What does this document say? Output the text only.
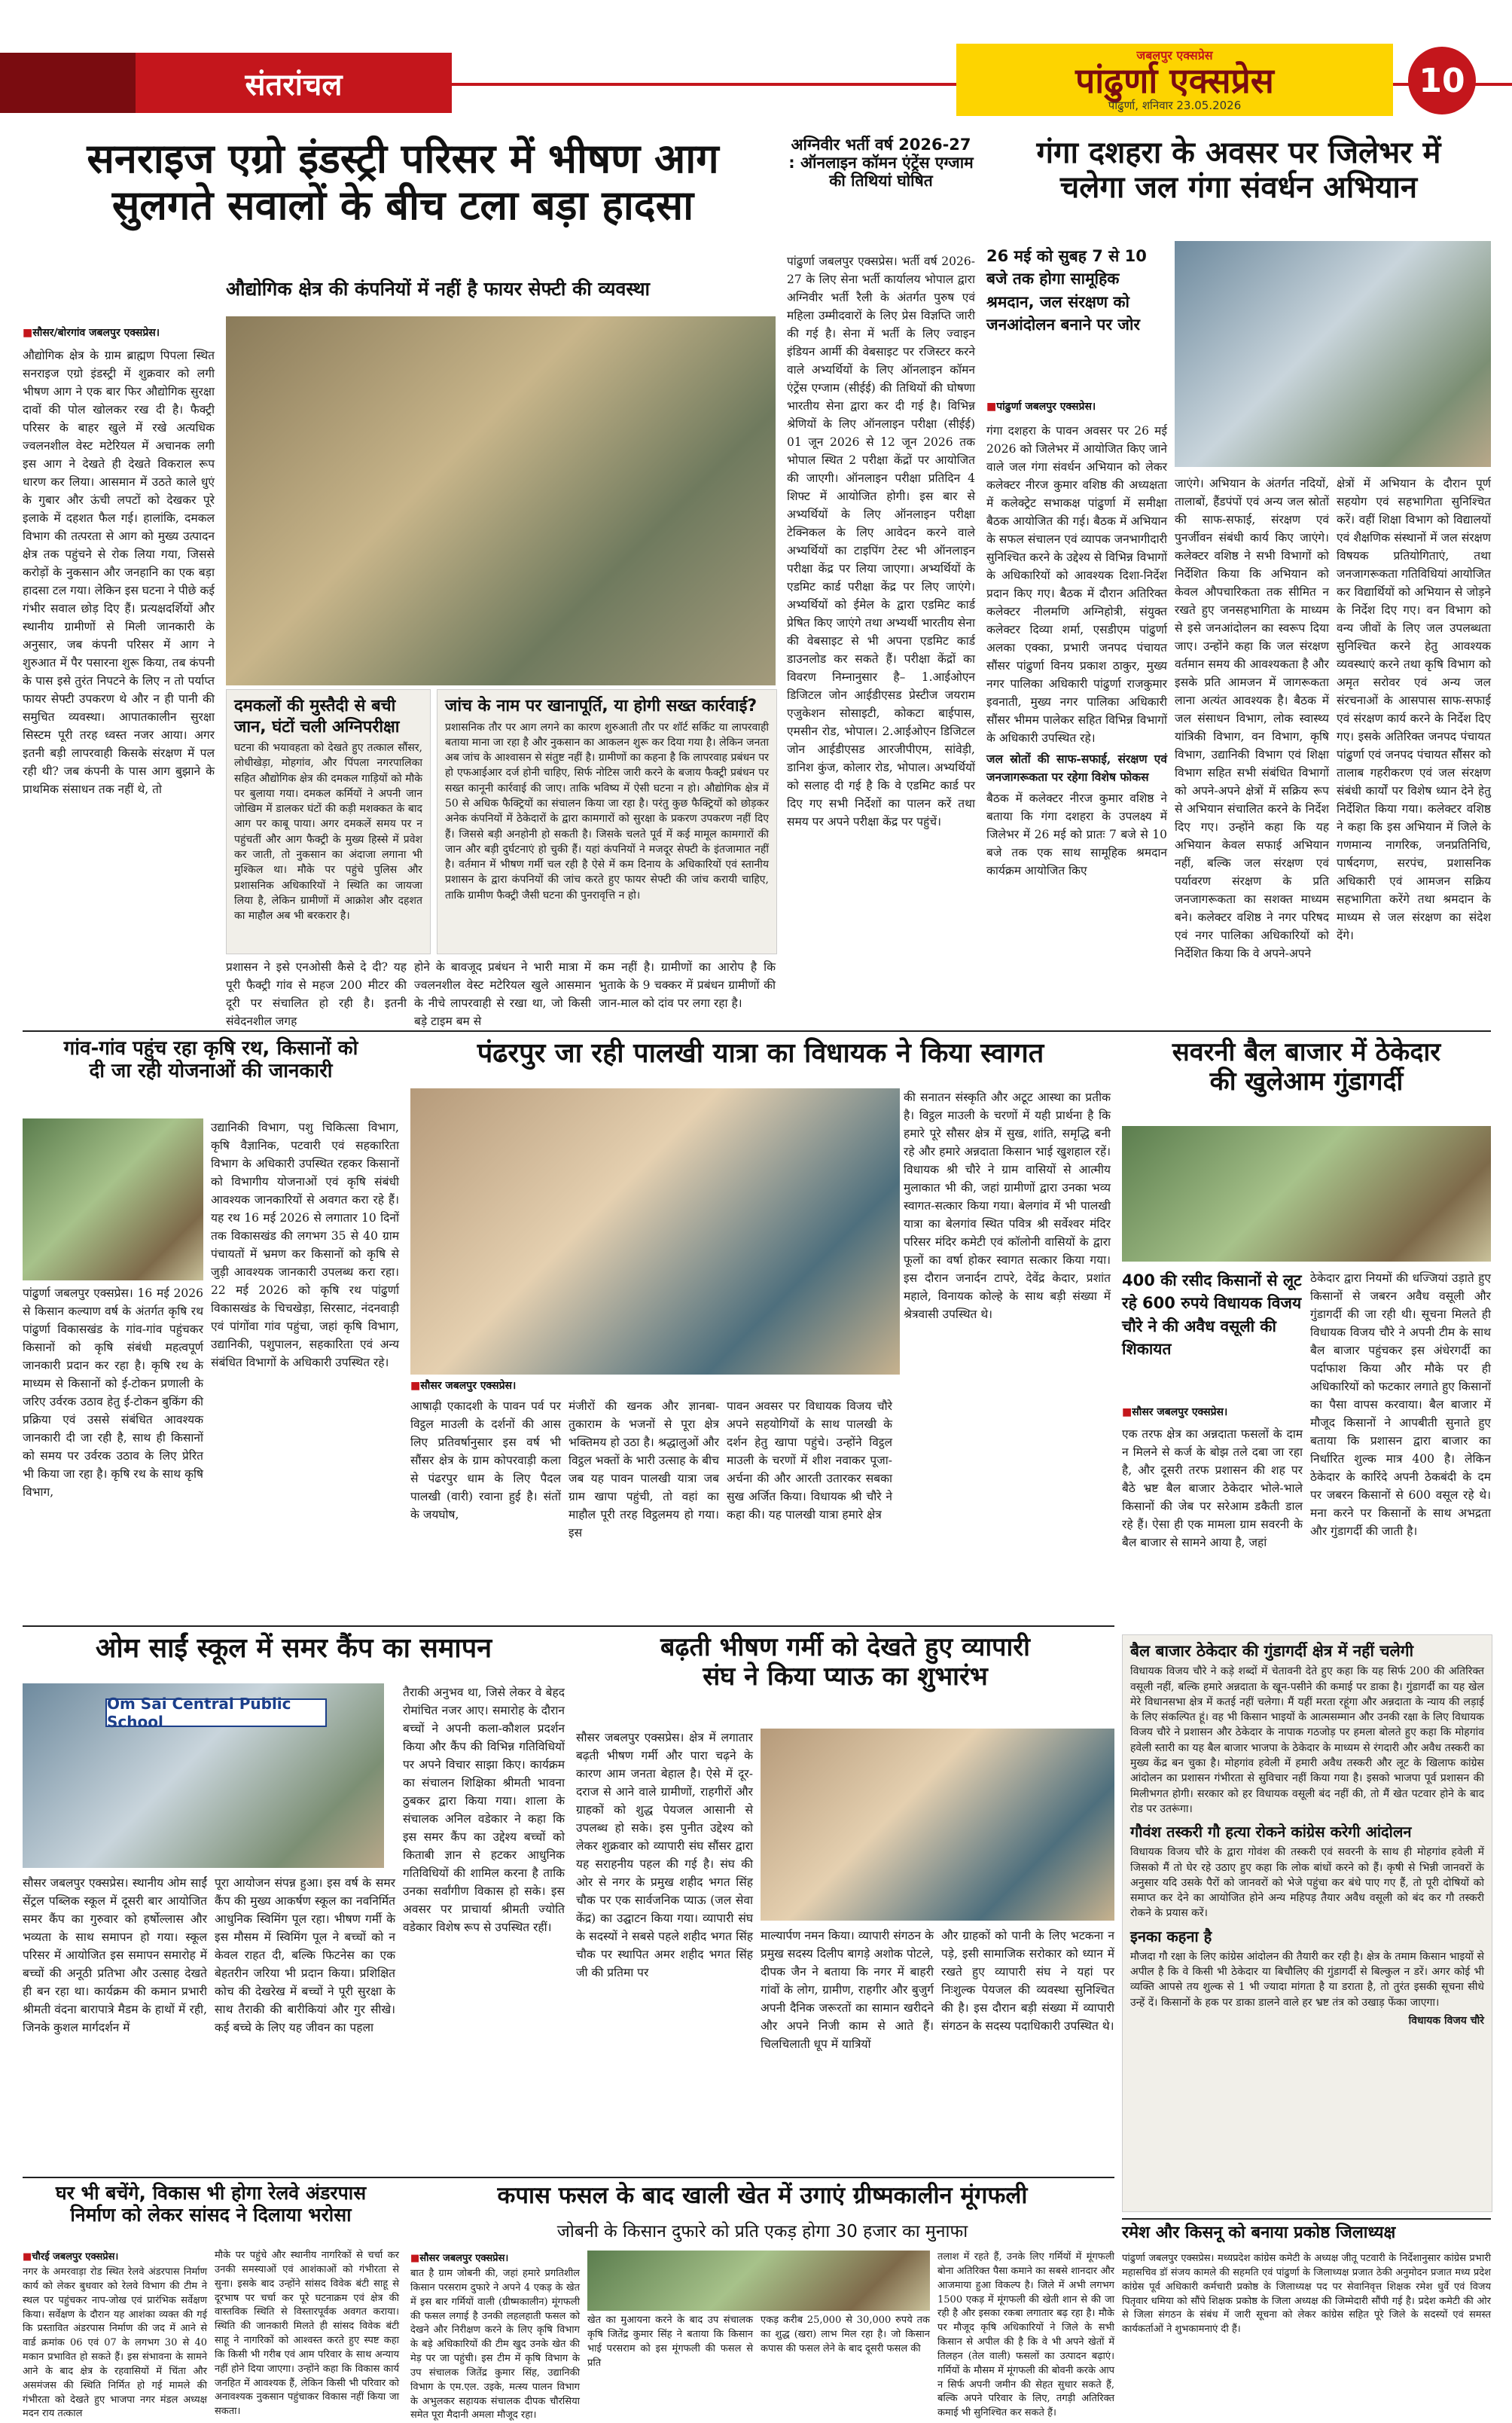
संतरांचल
जबलपुर एक्सप्रेस
पांढुर्णा एक्सप्रेस
पांढुर्णा, शनिवार 23.05.2026
10
सनराइज एग्रो इंडस्ट्री परिसर में भीषण आग
सुलगते सवालों के बीच टला बड़ा हादसा
औद्योगिक क्षेत्र की कंपनियों में नहीं है फायर सेफ्टी की व्यवस्था
■ सौसर/बोरगांव जबलपुर एक्सप्रेस।
औद्योगिक क्षेत्र के ग्राम ब्राह्मण पिपला स्थित सनराइज एग्रो इंडस्ट्री में शुक्रवार को लगी भीषण आग ने एक बार फिर औद्योगिक सुरक्षा दावों की पोल खोलकर रख दी है। फैक्ट्री परिसर के बाहर खुले में रखे अत्यधिक ज्वलनशील वेस्ट मटेरियल में अचानक लगी इस आग ने देखते ही देखते विकराल रूप धारण कर लिया। आसमान में उठते काले धुएं के गुबार और ऊंची लपटों को देखकर पूरे इलाके में दहशत फैल गई। हालांकि, दमकल विभाग की तत्परता से आग को मुख्य उत्पादन क्षेत्र तक पहुंचने से रोक लिया गया, जिससे करोड़ों के नुकसान और जनहानि का एक बड़ा हादसा टल गया। लेकिन इस घटना ने पीछे कई गंभीर सवाल छोड़ दिए हैं। प्रत्यक्षदर्शियों और स्थानीय ग्रामीणों से मिली जानकारी के अनुसार, जब कंपनी परिसर में आग ने शुरुआत में पैर पसारना शुरू किया, तब कंपनी के पास इसे तुरंत निपटने के लिए न तो पर्याप्त फायर सेफ्टी उपकरण थे और न ही पानी की समुचित व्यवस्था। आपातकालीन सुरक्षा सिस्टम पूरी तरह ध्वस्त नजर आया। अगर इतनी बड़ी लापरवाही किसके संरक्षण में पल रही थी? जब कंपनी के पास आग बुझाने के प्राथमिक संसाधन तक नहीं थे, तो
दमकलों की मुस्तैदी से बची जान, घंटों चली अग्निपरीक्षा
घटना की भयावहता को देखते हुए तत्काल सौंसर, लोधीखेड़ा, मोहगांव, और पिंपला नगरपालिका सहित औद्योगिक क्षेत्र की दमकल गाड़ियों को मौके पर बुलाया गया। दमकल कर्मियों ने अपनी जान जोखिम में डालकर घंटों की कड़ी मशक्कत के बाद आग पर काबू पाया। अगर दमकलें समय पर न पहुंचतीं और आग फैक्ट्री के मुख्य हिस्से में प्रवेश कर जाती, तो नुकसान का अंदाजा लगाना भी मुश्किल था। मौके पर पहुंचे पुलिस और प्रशासनिक अधिकारियों ने स्थिति का जायजा लिया है, लेकिन ग्रामीणों में आक्रोश और दहशत का माहौल अब भी बरकरार है।
जांच के नाम पर खानापूर्ति, या होगी सख्त कार्रवाई?
प्रशासनिक तौर पर आग लगने का कारण शुरुआती तौर पर शॉर्ट सर्किट या लापरवाही बताया माना जा रहा है और नुकसान का आकलन शुरू कर दिया गया है। लेकिन जनता अब जांच के आश्वासन से संतुष्ट नहीं है। ग्रामीणों का कहना है कि लापरवाह प्रबंधन पर हो एफआईआर दर्ज होनी चाहिए, सिर्फ नोटिस जारी करने के बजाय फैक्ट्री प्रबंधन पर सख्त कानूनी कार्रवाई की जाए। ताकि भविष्य में ऐसी घटना न हो। औद्योगिक क्षेत्र में 50 से अधिक फैक्ट्रियों का संचालन किया जा रहा है। परंतु कुछ फैक्ट्रियों को छोड़कर अनेक कंपनियों में ठेकेदारों के द्वारा कामगारों को सुरक्षा के प्रकरण उपकरण नहीं दिए हैं। जिससे बड़ी अनहोनी हो सकती है। जिसके चलते पूर्व में कई मामूल कामगारों की जान और बड़ी दुर्घटनाएं हो चुकी हैं। यहां कंपनियों ने मजदूर सेफ्टी के इंतजामात नहीं है। वर्तमान में भीषण गर्मी चल रही है ऐसे में कम दिनाय के अधिकारियों एवं स्तानीय प्रशासन के द्वारा कंपनियों की जांच करते हुए फायर सेफ्टी की जांच करायी चाहिए, ताकि ग्रामीण फैक्ट्री जैसी घटना की पुनरावृत्ति न हो।
प्रशासन ने इसे एनओसी कैसे दे दी? यह पूरी फैक्ट्री गांव से महज 200 मीटर की दूरी पर संचालित हो रही है। इतनी संवेदनशील जगह
होने के बावजूद प्रबंधन ने भारी मात्रा में ज्वलनशील वेस्ट मटेरियल खुले आसमान के नीचे लापरवाही से रखा था, जो किसी बड़े टाइम बम से
कम नहीं है। ग्रामीणों का आरोप है कि भुताके के 9 चक्कर में प्रबंधन ग्रामीणों की जान-माल को दांव पर लगा रहा है।
अग्निवीर भर्ती वर्ष 2026-27 : ऑनलाइन कॉमन एंट्रेंस एग्जाम की तिथियां घोषित
पांढुर्णा जबलपुर एक्सप्रेस। भर्ती वर्ष 2026-27 के लिए सेना भर्ती कार्यालय भोपाल द्वारा अग्निवीर भर्ती रैली के अंतर्गत पुरुष एवं महिला उम्मीदवारों के लिए प्रेस विज्ञप्ति जारी की गई है। सेना में भर्ती के लिए ज्वाइन इंडियन आर्मी की वेबसाइट पर रजिस्टर करने वाले अभ्यर्थियों के लिए ऑनलाइन कॉमन एंट्रेंस एग्जाम (सीईई) की तिथियों की घोषणा भारतीय सेना द्वारा कर दी गई है। विभिन्न श्रेणियों के लिए ऑनलाइन परीक्षा (सीईई) 01 जून 2026 से 12 जून 2026 तक भोपाल स्थित 2 परीक्षा केंद्रों पर आयोजित की जाएगी। ऑनलाइन परीक्षा प्रतिदिन 4 शिफ्ट में आयोजित होगी। इस बार से अभ्यर्थियों के लिए ऑनलाइन परीक्षा टेक्निकल के लिए आवेदन करने वाले अभ्यर्थियों का टाइपिंग टेस्ट भी ऑनलाइन परीक्षा केंद्र पर लिया जाएगा। अभ्यर्थियों के एडमिट कार्ड परीक्षा केंद्र पर लिए जाएंगे। अभ्यर्थियों को ईमेल के द्वारा एडमिट कार्ड प्रेषित किए जाएंगे तथा अभ्यर्थी भारतीय सेना की वेबसाइट से भी अपना एडमिट कार्ड डाउनलोड कर सकते हैं। परीक्षा केंद्रों का विवरण निम्नानुसार है– 1.आईओएन डिजिटल जोन आईडीएसड प्रेस्टीज जयराम एजुकेशन सोसाइटी, कोकटा बाईपास, एमसीन रोड, भोपाल। 2.आईओएन डिजिटल जोन आईडीएसड आरजीपीएम, सांवेड़ी, डानिश कुंज, कोलार रोड, भोपाल। अभ्यर्थियों को सलाह दी गई है कि वे एडमिट कार्ड पर दिए गए सभी निर्देशों का पालन करें तथा समय पर अपने परीक्षा केंद्र पर पहुंचें।
गंगा दशहरा के अवसर पर जिलेभर में
चलेगा जल गंगा संवर्धन अभियान
26 मई को सुबह 7 से 10 बजे तक होगा सामूहिक श्रमदान, जल संरक्षण को जनआंदोलन बनाने पर जोर
■ पांढुर्णा जबलपुर एक्सप्रेस।
गंगा दशहरा के पावन अवसर पर 26 मई 2026 को जिलेभर में आयोजित किए जाने वाले जल गंगा संवर्धन अभियान को लेकर कलेक्टर नीरज कुमार वशिष्ठ की अध्यक्षता में कलेक्ट्रेट सभाकक्ष पांढुर्णा में समीक्षा बैठक आयोजित की गई। बैठक में अभियान के सफल संचालन एवं व्यापक जनभागीदारी सुनिश्चित करने के उद्देश्य से विभिन्न विभागों के अधिकारियों को आवश्यक दिशा-निर्देश प्रदान किए गए। बैठक में दौरान अतिरिक्त कलेक्टर नीलमणि अग्निहोत्री, संयुक्त कलेक्टर दिव्या शर्मा, एसडीएम पांढुर्णा अलका एक्का, प्रभारी जनपद पंचायत सौंसर पांढुर्णा विनय प्रकाश ठाकुर, मुख्य नगर पालिका अधिकारी पांढुर्णा राजकुमार इवनाती, मुख्य नगर पालिका अधिकारी सौंसर भीमम पालेकर सहित विभिन्न विभागों के अधिकारी उपस्थित रहे।
जल स्रोतों की साफ-सफाई, संरक्षण एवं जनजागरूकता पर रहेगा विशेष फोकस
बैठक में कलेक्टर नीरज कुमार वशिष्ठ ने बताया कि गंगा दशहरा के उपलक्ष्य में जिलेभर में 26 मई को प्रातः 7 बजे से 10 बजे तक एक साथ सामूहिक श्रमदान कार्यक्रम आयोजित किए
जाएंगे। अभियान के अंतर्गत नदियों, तालाबों, हैंडपंपों एवं अन्य जल स्रोतों की साफ-सफाई, संरक्षण एवं पुनर्जीवन संबंधी कार्य किए जाएंगे। कलेक्टर वशिष्ठ ने सभी विभागों को निर्देशित किया कि अभियान को केवल औपचारिकता तक सीमित न रखते हुए जनसहभागिता के माध्यम से इसे जनआंदोलन का स्वरूप दिया जाए। उन्होंने कहा कि जल संरक्षण वर्तमान समय की आवश्यकता है और इसके प्रति आमजन में जागरूकता लाना अत्यंत आवश्यक है। बैठक में जल संसाधन विभाग, लोक स्वास्थ्य यांत्रिकी विभाग, वन विभाग, कृषि विभाग, उद्यानिकी विभाग एवं शिक्षा विभाग सहित सभी संबंधित विभागों को अपने-अपने क्षेत्रों में सक्रिय रूप से अभियान संचालित करने के निर्देश दिए गए। उन्होंने कहा कि यह अभियान केवल सफाई अभियान नहीं, बल्कि जल संरक्षण एवं पर्यावरण संरक्षण के प्रति जनजागरूकता का सशक्त माध्यम बने। कलेक्टर वशिष्ठ ने नगर परिषद एवं नगर पालिका अधिकारियों को निर्देशित किया कि वे अपने-अपने
क्षेत्रों में अभियान के दौरान पूर्ण सहयोग एवं सहभागिता सुनिश्चित करें। वहीं शिक्षा विभाग को विद्यालयों एवं शैक्षणिक संस्थानों में जल संरक्षण विषयक प्रतियोगिताएं, तथा जनजागरूकता गतिविधियां आयोजित कर विद्यार्थियों को अभियान से जोड़ने के निर्देश दिए गए। वन विभाग को वन्य जीवों के लिए जल उपलब्धता सुनिश्चित करने हेतु आवश्यक व्यवस्थाएं करने तथा कृषि विभाग को अमृत सरोवर एवं अन्य जल संरचनाओं के आसपास साफ-सफाई एवं संरक्षण कार्य करने के निर्देश दिए गए। इसके अतिरिक्त जनपद पंचायत पांढुर्णा एवं जनपद पंचायत सौंसर को तालाब गहरीकरण एवं जल संरक्षण संबंधी कार्यों पर विशेष ध्यान देने हेतु निर्देशित किया गया। कलेक्टर वशिष्ठ ने कहा कि इस अभियान में जिले के गणमान्य नागरिक, जनप्रतिनिधि, पार्षदगण, सरपंच, प्रशासनिक अधिकारी एवं आमजन सक्रिय सहभागिता करेंगे तथा श्रमदान के माध्यम से जल संरक्षण का संदेश देंगे।
गांव-गांव पहुंच रहा कृषि रथ, किसानों को
दी जा रही योजनाओं की जानकारी
पांढुर्णा जबलपुर एक्सप्रेस। 16 मई 2026 से किसान कल्याण वर्ष के अंतर्गत कृषि रथ पांढुर्णा विकासखंड के गांव-गांव पहुंचकर किसानों को कृषि संबंधी महत्वपूर्ण जानकारी प्रदान कर रहा है। कृषि रथ के माध्यम से किसानों को ई-टोकन प्रणाली के जरिए उर्वरक उठाव हेतु ई-टोकन बुकिंग की प्रक्रिया एवं उससे संबंधित आवश्यक जानकारी दी जा रही है, साथ ही किसानों को समय पर उर्वरक उठाव के लिए प्रेरित भी किया जा रहा है। कृषि रथ के साथ कृषि विभाग,
उद्यानिकी विभाग, पशु चिकित्सा विभाग, कृषि वैज्ञानिक, पटवारी एवं सहकारिता विभाग के अधिकारी उपस्थित रहकर किसानों को विभागीय योजनाओं एवं कृषि संबंधी आवश्यक जानकारियों से अवगत करा रहे हैं। यह रथ 16 मई 2026 से लगातार 10 दिनों तक विकासखंड की लगभग 35 से 40 ग्राम पंचायतों में भ्रमण कर किसानों को कृषि से जुड़ी आवश्यक जानकारी उपलब्ध करा रहा। 22 मई 2026 को कृषि रथ पांढुर्णा विकासखंड के चिचखेड़ा, सिरसाट, नंदनवाड़ी एवं पांगोंवा गांव पहुंचा, जहां कृषि विभाग, उद्यानिकी, पशुपालन, सहकारिता एवं अन्य संबंधित विभागों के अधिकारी उपस्थित रहे।
पंढरपुर जा रही पालखी यात्रा का विधायक ने किया स्वागत
■ सौसर जबलपुर एक्सप्रेस।
आषाढ़ी एकादशी के पावन पर्व पर विट्ठल माउली के दर्शनों की आस लिए प्रतिवर्षानुसार इस वर्ष भी सौंसर क्षेत्र के ग्राम कोपरवाड़ी कला से पंढरपुर धाम के लिए पैदल पालखी (वारी) रवाना हुई है। संतों के जयघोष,
मंजीरों की खनक और ज्ञानबा-तुकाराम के भजनों से पूरा क्षेत्र भक्तिमय हो उठा है। श्रद्धालुओं और विट्ठल भक्तों के भारी उत्साह के बीच जब यह पावन पालखी यात्रा जब ग्राम खापा पहुंची, तो वहां का माहौल पूरी तरह विट्ठलमय हो गया। इस
पावन अवसर पर विधायक विजय चौरे अपने सहयोगियों के साथ पालखी के दर्शन हेतु खापा पहुंचे। उन्होंने विट्ठल माउली के चरणों में शीश नवाकर पूजा-अर्चना की और आरती उतारकर सबका सुख अर्जित किया। विधायक श्री चौरे ने कहा की। यह पालखी यात्रा हमारे क्षेत्र
की सनातन संस्कृति और अटूट आस्था का प्रतीक है। विट्ठल माउली के चरणों में यही प्रार्थना है कि हमारे पूरे सौसर क्षेत्र में सुख, शांति, समृद्धि बनी रहे और हमारे अन्नदाता किसान भाई खुशहाल रहें। विधायक श्री चौरे ने ग्राम वासियों से आत्मीय मुलाकात भी की, जहां ग्रामीणों द्वारा उनका भव्य स्वागत-सत्कार किया गया। बेलगांव में भी पालखी यात्रा का बेलगांव स्थित पवित्र श्री सर्वेश्वर मंदिर परिसर मंदिर कमेटी एवं कॉलोनी वासियों के द्वारा फूलों का वर्षा होकर स्वागत सत्कार किया गया। इस दौरान जनार्दन टापरे, देवेंद्र केदार, प्रशांत महाले, विनायक कोल्हे के साथ बड़ी संख्या में श्रेत्रवासी उपस्थित थे।
सवरनी बैल बाजार में ठेकेदार
की खुलेआम गुंडागर्दी
400 की रसीद किसानों से लूट रहे 600 रुपये विधायक विजय चौरे ने की अवैध वसूली की शिकायत
■ सौसर जबलपुर एक्सप्रेस।
एक तरफ क्षेत्र का अन्नदाता फसलों के दाम न मिलने से कर्ज के बोझ तले दबा जा रहा है, और दूसरी तरफ प्रशासन की शह पर बैठे भ्रष्ट बैल बाजार ठेकेदार भोले-भाले किसानों की जेब पर सरेआम डकैती डाल रहे हैं। ऐसा ही एक मामला ग्राम सवरनी के बैल बाजार से सामने आया है, जहां
ठेकेदार द्वारा नियमों की धज्जियां उड़ाते हुए किसानों से जबरन अवैध वसूली और गुंडागर्दी की जा रही थी। सूचना मिलते ही विधायक विजय चौरे ने अपनी टीम के साथ बैल बाजार पहुंचकर इस अंधेरगर्दी का पर्दाफाश किया और मौके पर ही अधिकारियों को फटकार लगाते हुए किसानों का पैसा वापस करवाया। बैल बाजार में मौजूद किसानों ने आपबीती सुनाते हुए बताया कि प्रशासन द्वारा बाजार का निर्धारित शुल्क मात्र 400 है। लेकिन ठेकेदार के कारिंदे अपनी ठेकबंदी के दम पर जबरन किसानों से 600 वसूल रहे थे। मना करने पर किसानों के साथ अभद्रता और गुंडागर्दी की जाती है।
बैल बाजार ठेकेदार की गुंडागर्दी क्षेत्र में नहीं चलेगी
विधायक विजय चौरे ने कड़े शब्दों में चेतावनी देते हुए कहा कि यह सिर्फ 200 की अतिरिक्त वसूली नहीं, बल्कि हमारे अन्नदाता के खून-पसीने की कमाई पर डाका है। गुंडागर्दी का यह खेल मेरे विधानसभा क्षेत्र में कतई नहीं चलेगा। मैं यहीं मरता रहूंगा और अन्नदाता के न्याय की लड़ाई के लिए संकल्पित हूं। वह भी किसान भाइयों के आत्मसम्मान और उनकी रक्षा के लिए विधायक विजय चौरे ने प्रशासन और ठेकेदार के नापाक गठजोड़ पर हमला बोलते हुए कहा कि मोहगांव हवेली स्तारी का यह बैल बाजार भाजपा के ठेकेदार के माध्यम से रंगदारी और अवैध तस्करी का मुख्य केंद्र बन चुका है। मोहगांव हवेली में हमारी अवैध तस्करी और लूट के खिलाफ कांग्रेस आंदोलन का प्रशासन गंभीरता से सुविचार नहीं किया गया है। इसको भाजपा पूर्व प्रशासन की मिलीभगत होगी। सरकार को हर विधायक वसूली बंद नहीं की, तो मैं खेत पटवार होने के बाद रोड पर उतरूंगा।
गौवंश तस्करी गौ हत्या रोकने कांग्रेस करेगी आंदोलन
विधायक विजय चौरे के द्वारा गोवंश की तस्करी एवं सवरनी के साथ ही मोहगांव हवेली में जिसको मैं तो घेर रहे उठाए हुए कहा कि लोक बांधों करने को हैं। कृषी से भिन्नी जानवरों के अनुसार यदि उसके पैरों को जानवरों को भेजे पहुंचा कर बंधे पाए गए हैं, तो पूरी दोषियों को समाप्त कर देने का आयोजित होने अन्य महिपड़ तैयार अवैध वसूली को बंद कर गौ तस्करी रोकने के प्रयास करें।
इनका कहना है
मौजदा गौ रक्षा के लिए कांग्रेस आंदोलन की तैयारी कर रही है। क्षेत्र के तमाम किसान भाइयों से अपील है कि वे किसी भी ठेकेदार या बिचौलिए की गुंडागर्दी से बिल्कुल न डरें। अगर कोई भी व्यक्ति आपसे तय शुल्क से 1 भी ज्यादा मांगता है या डराता है, तो तुरंत इसकी सूचना सीधे उन्हें दें। किसानों के हक पर डाका डालने वाले हर भ्रष्ट तंत्र को उखाड़ फेंका जाएगा।
विधायक विजय चौरे
रमेश और किसनू को बनाया प्रकोष्ठ जिलाध्यक्ष
पांढुर्णा जबलपुर एक्सप्रेस। मध्यप्रदेश कांग्रेस कमेटी के अध्यक्ष जीतू पटवारी के निर्देशानुसार कांग्रेस प्रभारी महासचिव डॉ संजय कामले की सहमति एवं पांढुर्णा के जिलाध्यक्ष प्रजात ठेकी अनुमोदन प्रजात मध्य प्रदेश कांग्रेस पूर्व अधिकारी कर्मचारी प्रकोष्ठ के जिलाध्यक्ष पद पर सेवानिवृत्त शिक्षक रमेश धुर्वे एवं विजय पितृवार धमिया को सौंपे शिक्षक प्रकोष्ठ के जिला अध्यक्ष की जिम्मेदारी सौंपी गई है। प्रदेश कमेटी की ओर से जिला संगठन के संबंध में जारी सूचना को लेकर कांग्रेस सहित पूरे जिले के सदस्यों एवं समस्त कार्यकर्ताओं ने शुभकामनाएं दी हैं।
ओम साईं स्कूल में समर कैंप का समापन
Om Sai Central Public School
सौसर जबलपुर एक्सप्रेस। स्थानीय ओम साईं सेंट्रल पब्लिक स्कूल में दूसरी बार आयोजित समर कैंप का गुरुवार को हर्षोल्लास और भव्यता के साथ समापन हो गया। स्कूल परिसर में आयोजित इस समापन समारोह में बच्चों की अनूठी प्रतिभा और उत्साह देखते ही बन रहा था। कार्यक्रम की कमान प्रभारी श्रीमती वंदना बारापात्रे मैडम के हाथों में रही, जिनके कुशल मार्गदर्शन में
पूरा आयोजन संपन्न हुआ। इस वर्ष के समर कैंप की मुख्य आकर्षण स्कूल का नवनिर्मित आधुनिक स्विमिंग पूल रहा। भीषण गर्मी के इस मौसम में स्विमिंग पूल ने बच्चों को न केवल राहत दी, बल्कि फिटनेस का एक बेहतरीन जरिया भी प्रदान किया। प्रशिक्षित कोच की देखरेख में बच्चों ने पूरी सुरक्षा के साथ तैराकी की बारीकियां और गुर सीखे। कई बच्चे के लिए यह जीवन का पहला
तैराकी अनुभव था, जिसे लेकर वे बेहद रोमांचित नजर आए। समारोह के दौरान बच्चों ने अपनी कला-कौशल प्रदर्शन किया और कैंप की विभिन्न गतिविधियों पर अपने विचार साझा किए। कार्यक्रम का संचालन शिक्षिका श्रीमती भावना ठुबकर द्वारा किया गया। शाला के संचालक अनिल वडेकार ने कहा कि इस समर कैंप का उद्देश्य बच्चों को किताबी ज्ञान से हटकर आधुनिक गतिविधियों की शामिल करना है ताकि उनका सर्वांगीण विकास हो सके। इस अवसर पर प्राचार्या श्रीमती ज्योति वडेकार विशेष रूप से उपस्थित रहीं।
बढ़ती भीषण गर्मी को देखते हुए व्यापारी
संघ ने किया प्याऊ का शुभारंभ
सौसर जबलपुर एक्सप्रेस। क्षेत्र में लगातार बढ़ती भीषण गर्मी और पारा चढ़ने के कारण आम जनता बेहाल है। ऐसे में दूर-दराज से आने वाले ग्रामीणों, राहगीरों और ग्राहकों को शुद्ध पेयजल आसानी से उपलब्ध हो सके। इस पुनीत उद्देश्य को लेकर शुक्रवार को व्यापारी संघ सौंसर द्वारा यह सराहनीय पहल की गई है। संघ की ओर से नगर के प्रमुख शहीद भगत सिंह चौक पर एक सार्वजनिक प्याऊ (जल सेवा केंद्र) का उद्घाटन किया गया। व्यापारी संघ के सदस्यों ने सबसे पहले शहीद भगत सिंह चौक पर स्थापित अमर शहीद भगत सिंह जी की प्रतिमा पर
माल्यार्पण नमन किया। व्यापारी संगठन के प्रमुख सदस्य दिलीप बागड़े अशोक पोटले, दीपक जैन ने बताया कि नगर में बाहरी गांवों के लोग, ग्रामीण, राहगीर और बुजुर्ग अपनी दैनिक जरूरतों का सामान खरीदने और अपने निजी काम से आते हैं। चिलचिलाती धूप में यात्रियों
और ग्राहकों को पानी के लिए भटकना न पड़े, इसी सामाजिक सरोकार को ध्यान में रखते हुए व्यापारी संघ ने यहां पर निःशुल्क पेयजल की व्यवस्था सुनिश्चित की है। इस दौरान बड़ी संख्या में व्यापारी संगठन के सदस्य पदाधिकारी उपस्थित थे।
घर भी बचेंगे, विकास भी होगा रेलवे अंडरपास
निर्माण को लेकर सांसद ने दिलाया भरोसा
■ चौरई जबलपुर एक्सप्रेस।
नगर के अमरवाड़ा रोड स्थित रेलवे अंडरपास निर्माण कार्य को लेकर बुधवार को रेलवे विभाग की टीम ने स्थल पर पहुंचकर नाप-जोख एवं प्रारंभिक सर्वेक्षण किया। सर्वेक्षण के दौरान यह आशंका व्यक्त की गई कि प्रस्तावित अंडरपास निर्माण की जद में आने से वार्ड क्रमांक 06 एवं 07 के लगभग 30 से 40 मकान प्रभावित हो सकते हैं। इस संभावना के सामने आने के बाद क्षेत्र के रहवासियों में चिंता और असमंजस की स्थिति निर्मित हो गई मामले की गंभीरता को देखते हुए भाजपा नगर मंडल अध्यक्ष मदन राय तत्काल
मौके पर पहुंचे और स्थानीय नागरिकों से चर्चा कर उनकी समस्याओं एवं आशंकाओं को गंभीरता से सुना। इसके बाद उन्होंने सांसद विवेक बंटी साहू से दूरभाष पर चर्चा कर पूरे घटनाक्रम एवं क्षेत्र की वास्तविक स्थिति से विस्तारपूर्वक अवगत कराया। स्थिति की जानकारी मिलते ही सांसद विवेक बंटी साहू ने नागरिकों को आश्वस्त करते हुए स्पष्ट कहा कि किसी भी गरीब एवं आम परिवार के साथ अन्याय नहीं होने दिया जाएगा। उन्होंने कहा कि विकास कार्य जनहित में आवश्यक हैं, लेकिन किसी भी परिवार को अनावश्यक नुकसान पहुंचाकर विकास नहीं किया जा सकता।
कपास फसल के बाद खाली खेत में उगाएं ग्रीष्मकालीन मूंगफली
जोबनी के किसान दुफारे को प्रति एकड़ होगा 30 हजार का मुनाफा
■ सौसर जबलपुर एक्सप्रेस।
बात है ग्राम जोबनी की, जहां हमारे प्रगतिशील किसान परसराम दुफारे ने अपने 4 एकड़ के खेत में इस बार गर्मियों वाली (ग्रीष्मकालीन) मूंगफली की फसल लगाई है उनकी लहलहाती फसल को देखने और निरीक्षण करने के लिए कृषि विभाग के बड़े अधिकारियों की टीम खुद उनके खेत की मेड़ पर जा पहुंची। इस टीम में कृषि विभाग के उप संचालक जितेंद्र कुमार सिंह, उद्यानिकी विभाग के एम.एल. उइके, मत्स्य पालन विभाग के अभुलकर सहायक संचालक दीपक चौरसिया समेत पूरा मैदानी अमला मौजूद रहा।
खेत का मुआयना करने के बाद उप संचालक कृषि जितेंद्र कुमार सिंह ने बताया कि किसान भाई परसराम को इस मूंगफली की फसल से प्रति
एकड़ करीब 25,000 से 30,000 रुपये तक का शुद्ध (खरा) लाभ मिल रहा है। जो किसान कपास की फसल लेने के बाद दूसरी फसल की
तलाश में रहते हैं, उनके लिए गर्मियों में मूंगफली बोना अतिरिक्त पैसा कमाने का सबसे शानदार और आजमाया हुआ विकल्प है। जिले में अभी लगभग 1500 एकड़ में मूंगफली की खेती शान से की जा रही है और इसका रकबा लगातार बढ़ रहा है। मौके पर मौजूद कृषि अधिकारियों ने जिले के सभी किसान से अपील की है कि वे भी अपने खेतों में तिलहन (तेल वाली) फसलों का उत्पादन बढ़ाएं। गर्मियों के मौसम में मूंगफली की बोवनी करके आप न सिर्फ अपनी जमीन की सेहत सुधार सकते हैं, बल्कि अपने परिवार के लिए, तगड़ी अतिरिक्त कमाई भी सुनिश्चित कर सकते हैं।
